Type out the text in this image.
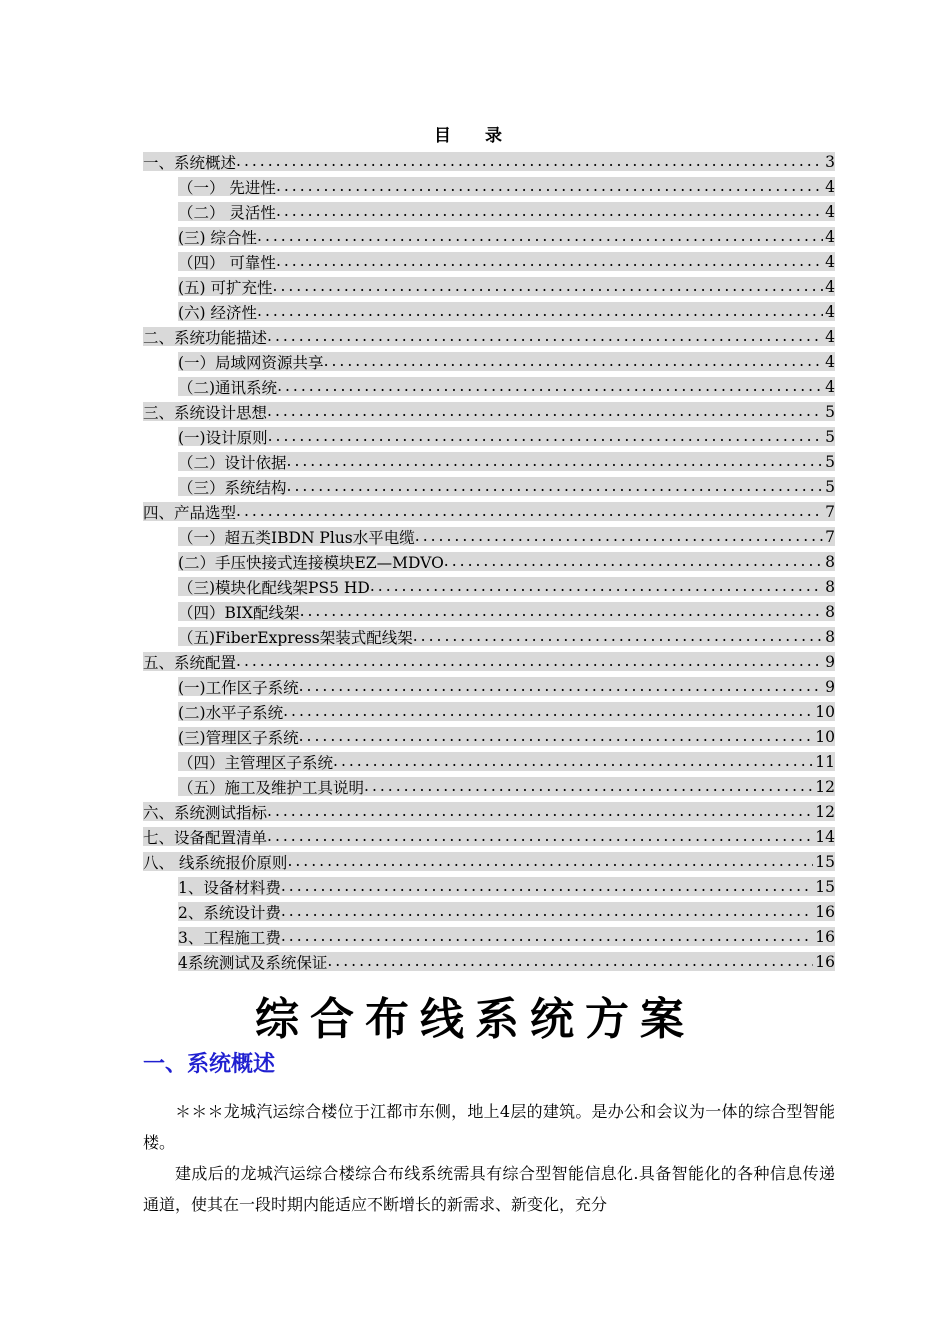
目 录
一、系统概述 .....	3
（一） 先进性 .....	4
（二） 灵活性 .....	4
(三) 综合性 .....	4
（四） 可靠性 .....	4
(五) 可扩充性 .....	4
(六) 经济性 .....	4
二、系统功能描述 .....	4
(一）局域网资源共享 .....	4
（二)通讯系统 .....	4
三、系统设计思想 .....	5
(一)设计原则 .....	5
（二）设计依据 .....	5
（三）系统结构 .....	5
四、产品选型 .....	7
（一）超五类IBDN Plus水平电缆 .....	7
(二）手压快接式连接模块EZ—MDVO .....	8
（三)模块化配线架PS5 HD .....	8
（四）BIX配线架 .....	8
（五)FiberExpress架装式配线架 .....	8
五、系统配置 .....	9
(一)工作区子系统 .....	9
(二)水平子系统 .....	10
(三)管理区子系统 .....	10
（四）主管理区子系统 .....	11
（五）施工及维护工具说明 .....	12
六、系统测试指标 .....	12
七、设备配置清单 .....	14
八、 线系统报价原则 .....	15
1、设备材料费 .....	15
2、系统设计费 .....	16
3、工程施工费 .....	16
4系统测试及系统保证 .....	16
综合布线系统方案
一、系统概述

＊＊＊龙城汽运综合楼位于江都市东侧，地上4层的建筑。是办公和会议为一体的综合型智能楼。

建成后的龙城汽运综合楼综合布线系统需具有综合型智能信息化.具备智能化的各种信息传递通道，使其在一段时期内能适应不断增长的新需求、新变化，充分
